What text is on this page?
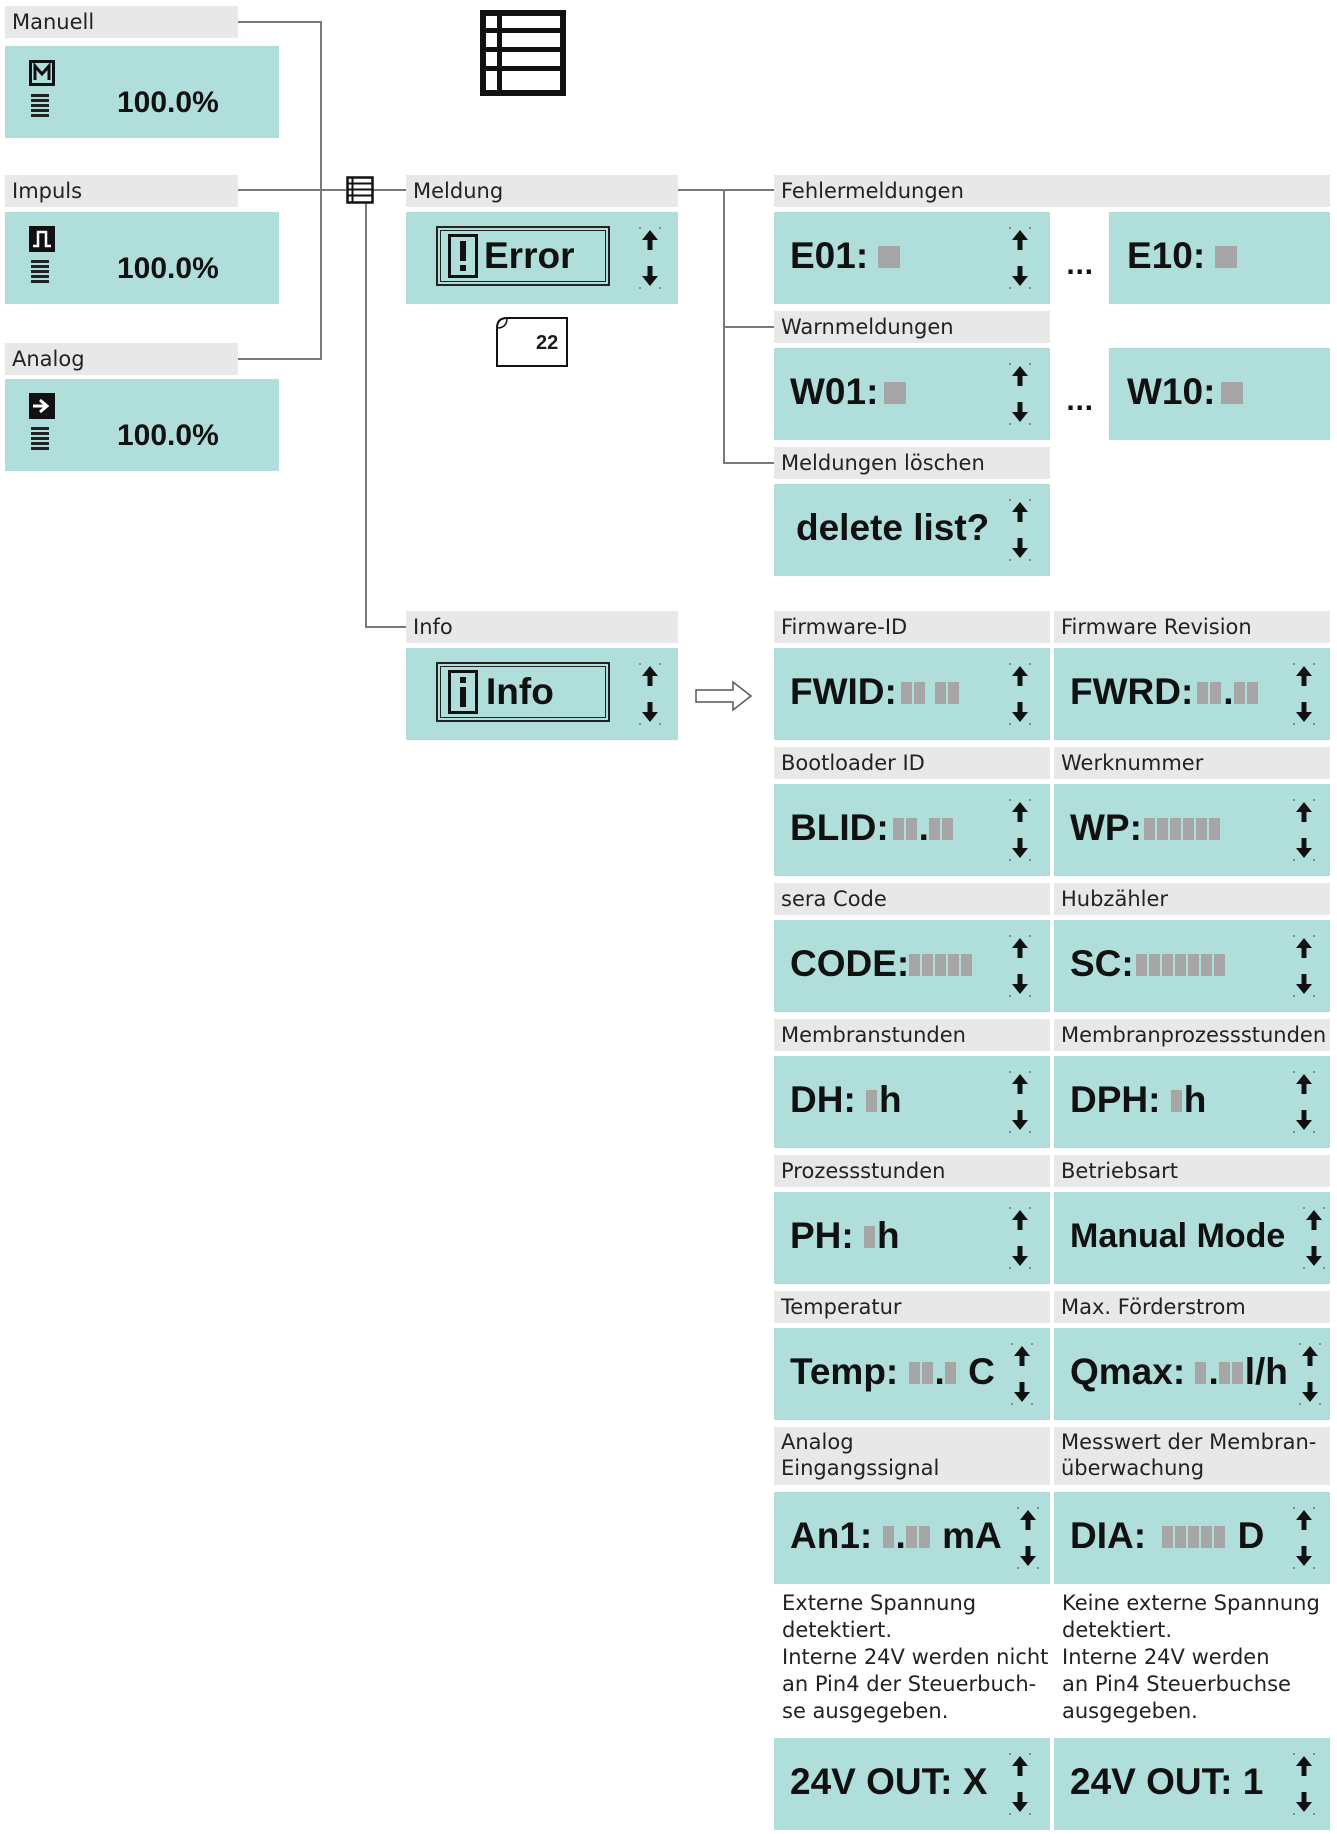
Manuell
100.0%
Impuls
100.0%
Analog
100.0%
Meldung
Error
22
Fehlermeldungen
E01:	... E10:
Warnmeldungen
W01:	... W10:
Meldungen löschen
delete list?
Info
Info
Firmware-ID
FWID:
Firmware Revision
FWRD: .
Bootloader ID
BLID: .
Werknummer
WP:
sera Code
CODE:
Hubzähler
SC:
Membranstunden
DH: h
Membranprozessstunden
DPH: h
Prozessstunden
PH: h
Betriebsart
Manual Mode
Temperatur
Temp: . C
Max. Förderstrom
Qmax: . l/h
Analog
Eingangssignal
An1: . mA
Messwert der Membran-
überwachung
DIA: D
Externe Spannung
detektiert.
Interne 24V werden nicht
an Pin4 der Steuerbuch-
se ausgegeben.
Keine externe Spannung
detektiert.
Interne 24V werden
an Pin4 Steuerbuchse
ausgegeben.
24V OUT: X 24V OUT: 1
